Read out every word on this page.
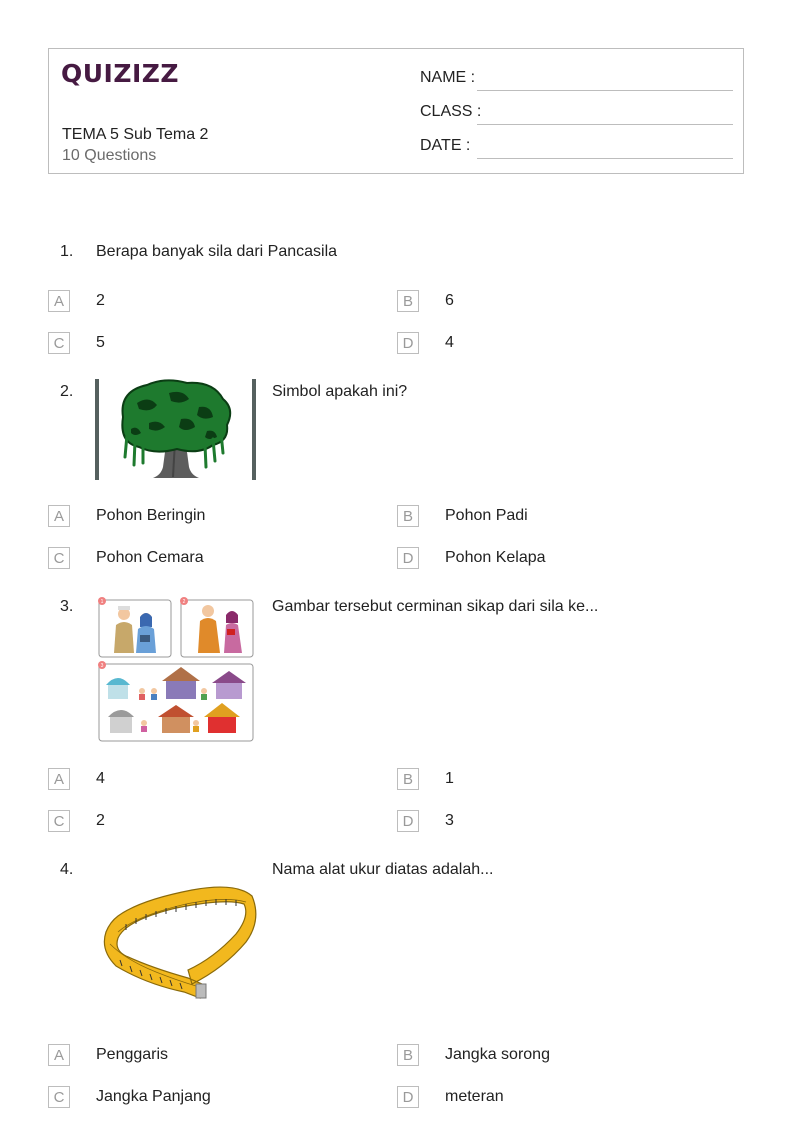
QUIZIZZ
TEMA 5 Sub Tema 2
10 Questions
NAME :
CLASS :
DATE :
1. Berapa banyak sila dari Pancasila
A	2	B	6
C	5	D	4
2.	Simbol apakah ini?
A	Pohon Beringin	B	Pohon Padi
C	Pohon Cemara	D	Pohon Kelapa
3.	1	2
3
Gambar tersebut cerminan sikap dari sila ke...
A	4	B	1
C	2	D	3
4.	Nama alat ukur diatas adalah...
A	Penggaris	B	Jangka sorong
C	Jangka Panjang	D	meteran
